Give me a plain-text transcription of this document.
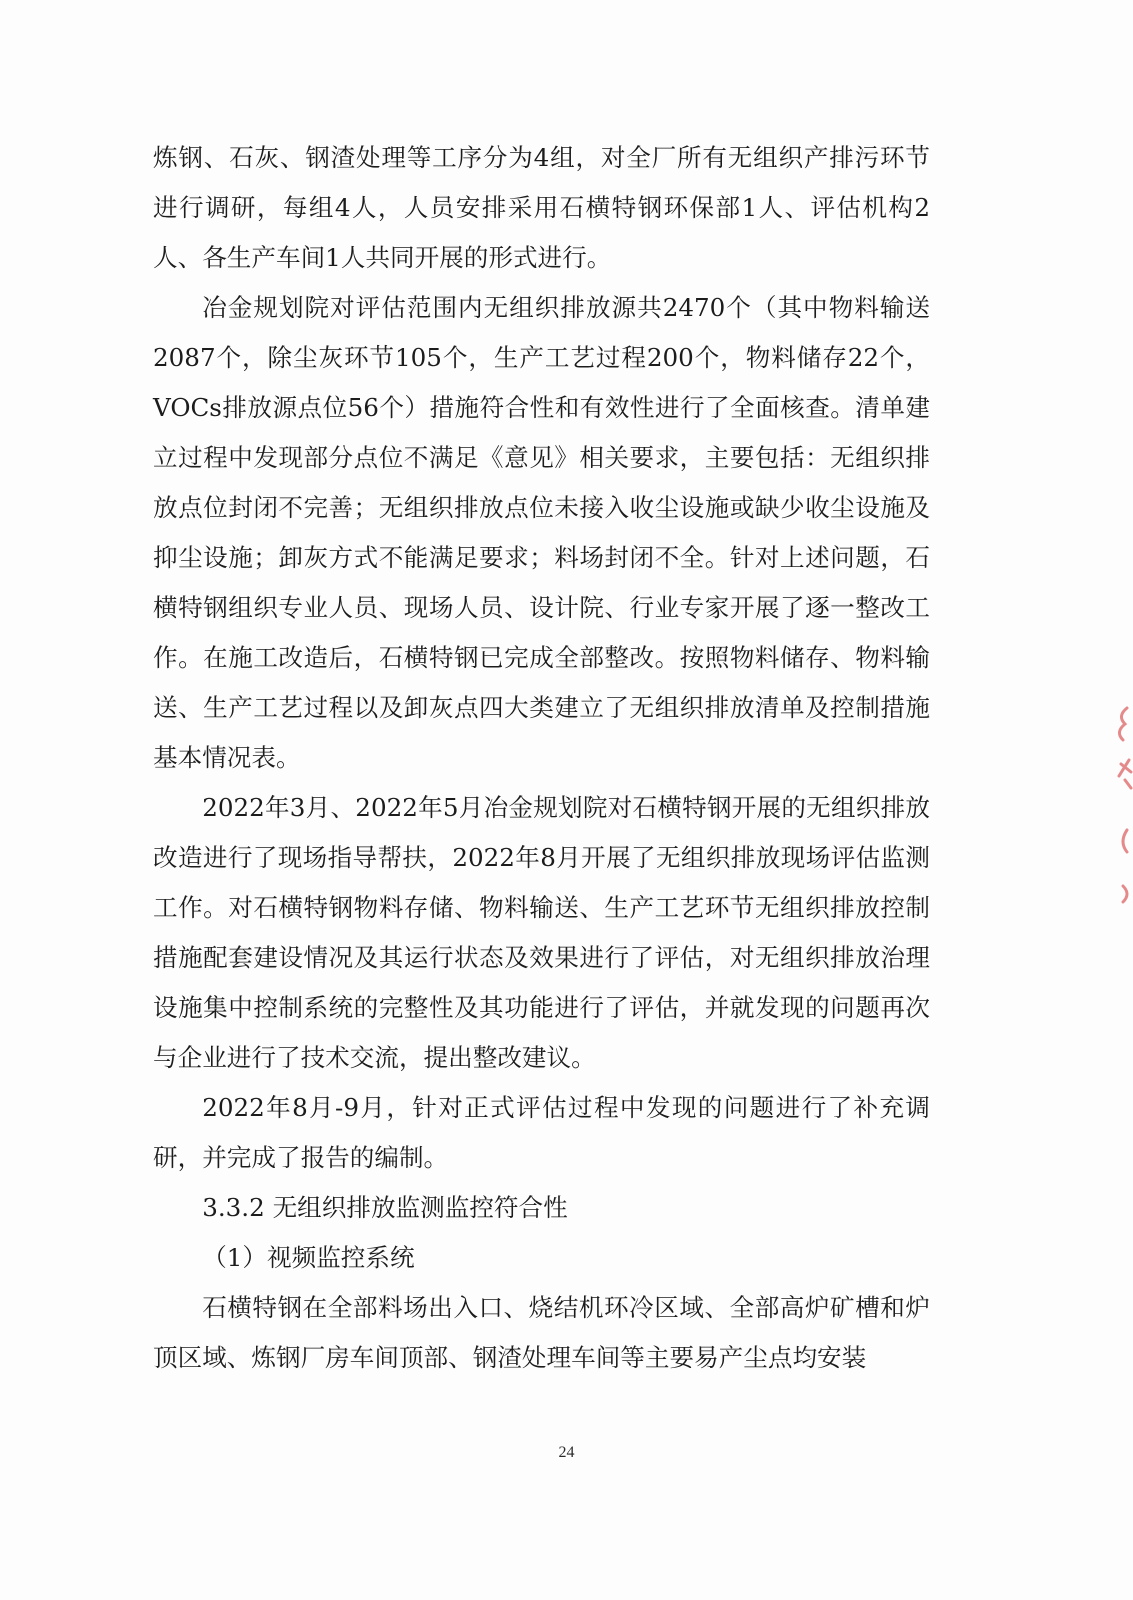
炼钢、石灰、钢渣处理等工序分为4组，对全厂所有无组织产排污环节进行调研，每组4人，人员安排采用石横特钢环保部1人、评估机构2人、各生产车间1人共同开展的形式进行。

冶金规划院对评估范围内无组织排放源共2470个（其中物料输送2087个，除尘灰环节105个，生产工艺过程200个，物料储存22个，VOCs排放源点位56个）措施符合性和有效性进行了全面核查。清单建立过程中发现部分点位不满足《意见》相关要求，主要包括：无组织排放点位封闭不完善；无组织排放点位未接入收尘设施或缺少收尘设施及抑尘设施；卸灰方式不能满足要求；料场封闭不全。针对上述问题，石横特钢组织专业人员、现场人员、设计院、行业专家开展了逐一整改工作。在施工改造后，石横特钢已完成全部整改。按照物料储存、物料输送、生产工艺过程以及卸灰点四大类建立了无组织排放清单及控制措施基本情况表。

2022年3月、2022年5月冶金规划院对石横特钢开展的无组织排放改造进行了现场指导帮扶，2022年8月开展了无组织排放现场评估监测工作。对石横特钢物料存储、物料输送、生产工艺环节无组织排放控制措施配套建设情况及其运行状态及效果进行了评估，对无组织排放治理设施集中控制系统的完整性及其功能进行了评估，并就发现的问题再次与企业进行了技术交流，提出整改建议。

2022年8月-9月，针对正式评估过程中发现的问题进行了补充调研，并完成了报告的编制。

3.3.2 无组织排放监测监控符合性

（1）视频监控系统

石横特钢在全部料场出入口、烧结机环冷区域、全部高炉矿槽和炉顶区域、炼钢厂房车间顶部、钢渣处理车间等主要易产尘点均安装

24
